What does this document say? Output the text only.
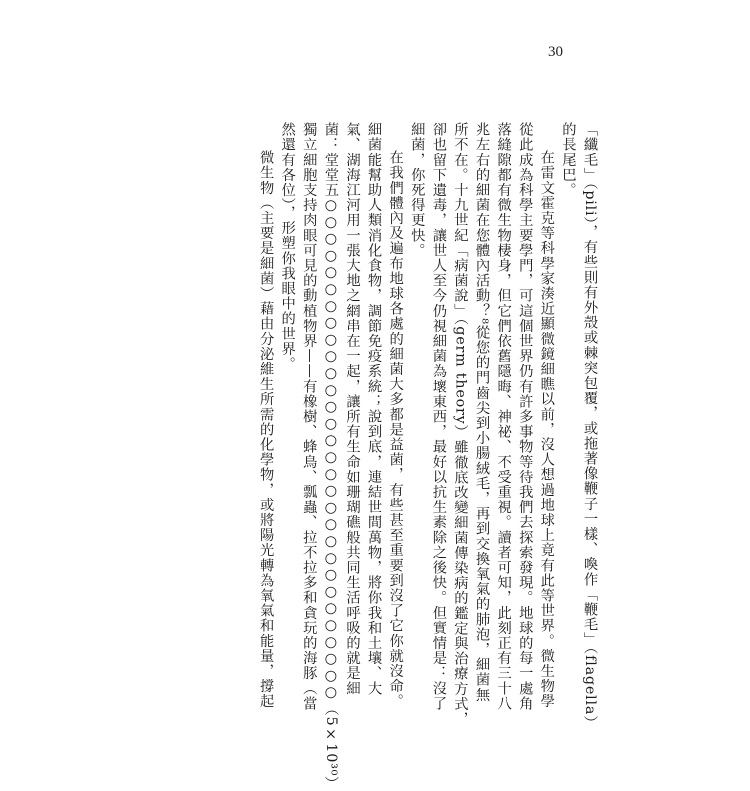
30
「纖毛」（pili），有些則有外殼或棘突包覆，或拖著像鞭子一樣、喚作「鞭毛」（flagella）
的長尾巴。
在雷文霍克等科學家湊近顯微鏡細瞧以前，沒人想過地球上竟有此等世界。微生物學
從此成為科學主要學門，可這個世界仍有許多事物等待我們去探索發現。地球的每一處角
落縫隙都有微生物棲身，但它們依舊隱晦、神祕、不受重視。讀者可知，此刻正有三十八
兆左右的細菌在您體內活動？⁸從您的門齒尖到小腸絨毛，再到交換氧氣的肺泡，細菌無
所不在。十九世紀「病菌說」（germ theory）雖徹底改變細菌傳染病的鑑定與治療方式，
卻也留下遺毒，讓世人至今仍視細菌為壞東西，最好以抗生素除之後快。但實情是：沒了
細菌，你死得更快。
在我們體內及遍布地球各處的細菌大多都是益菌，有些甚至重要到沒了它你就沒命。
細菌能幫助人類消化食物，調節免疫系統；說到底，連結世間萬物，將你我和土壤、大
氣、湖海江河用一張大地之網串在一起，讓所有生命如珊瑚礁般共同生活呼吸的就是細
菌：堂堂五○○○○○○○○○○○○○○○○○○○○○○○○○○○○○○（5×10³⁰）
獨立細胞支持肉眼可見的動植物界——有橡樹、蜂鳥、瓢蟲、拉不拉多和貪玩的海豚（當
然還有各位），形塑你我眼中的世界。
微生物（主要是細菌）藉由分泌維生所需的化學物，或將陽光轉為氧氣和能量，撐起
